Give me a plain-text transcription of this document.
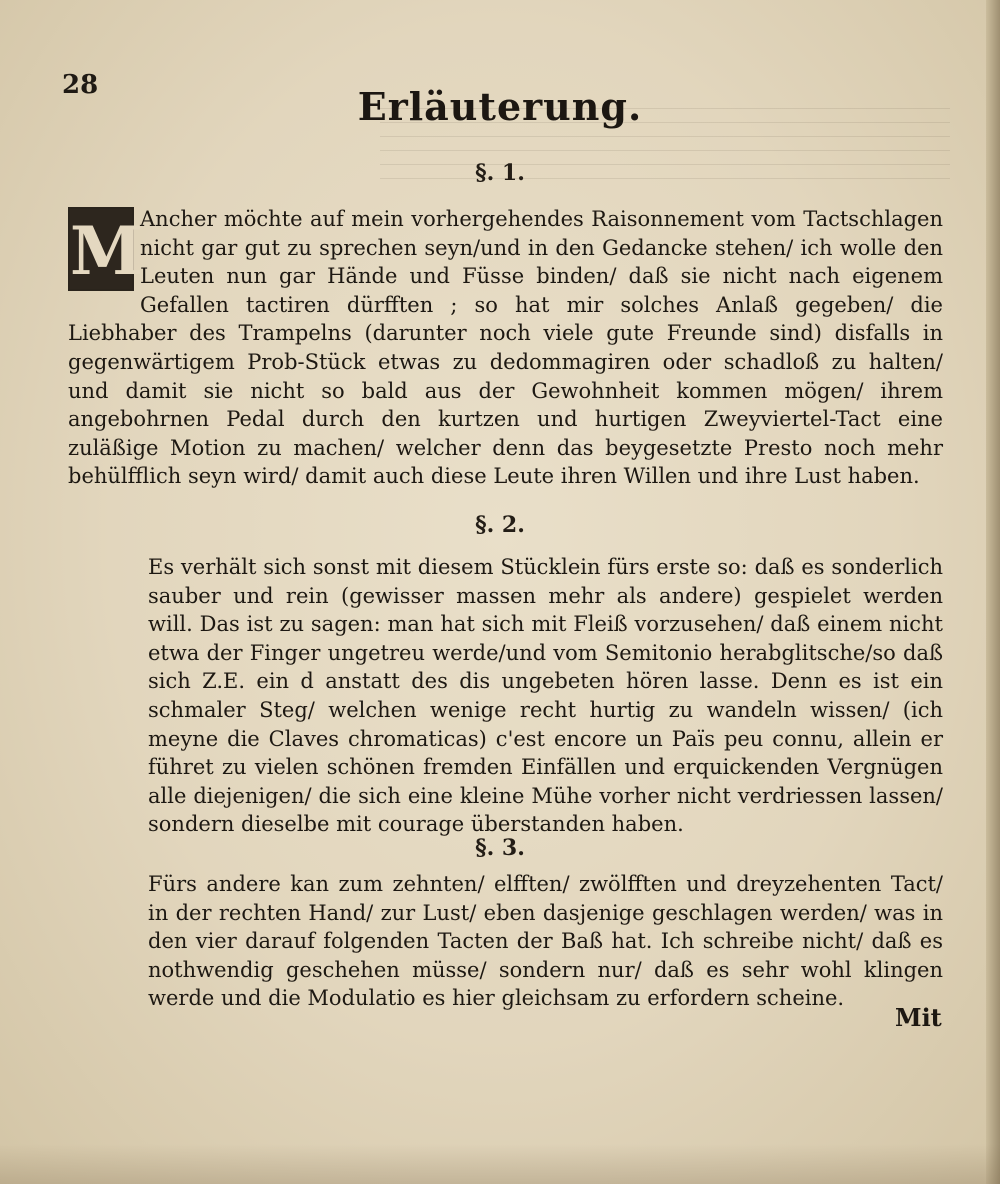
28	Erläuterung.
§. 1.
M

Ancher möchte auf mein vorhergehendes Raisonnement vom Tactschlagen nicht gar gut zu sprechen seyn/und in den Gedancke stehen/ ich wolle den Leuten nun gar Hände und Füsse binden/ daß sie nicht nach eigenem Gefallen tactiren dürfften ; so hat mir solches Anlaß gegeben/ die Liebhaber des Trampelns (darunter noch viele gute Freunde sind) disfalls in gegenwärtigem Prob-Stück etwas zu dedommagiren oder schadloß zu halten/ und damit sie nicht so bald aus der Gewohnheit kommen mögen/ ihrem angebohrnen Pedal durch den kurtzen und hurtigen Zweyviertel-Tact eine zuläßige Motion zu machen/ welcher denn das beygesetzte Presto noch mehr behülfflich seyn wird/ damit auch diese Leute ihren Willen und ihre Lust haben.

§. 2.

Es verhält sich sonst mit diesem Stücklein fürs erste so: daß es sonderlich sauber und rein (gewisser massen mehr als andere) gespielet werden will. Das ist zu sagen: man hat sich mit Fleiß vorzusehen/ daß einem nicht etwa der Finger ungetreu werde/und vom Semitonio herabglitsche/so daß sich Z.E. ein d anstatt des dis ungebeten hören lasse. Denn es ist ein schmaler Steg/ welchen wenige recht hurtig zu wandeln wissen/ (ich meyne die Claves chromaticas) c'est encore un Païs peu connu, allein er führet zu vielen schönen fremden Einfällen und erquickenden Vergnügen alle diejenigen/ die sich eine kleine Mühe vorher nicht verdriessen lassen/ sondern dieselbe mit courage überstanden haben.

§. 3.

Fürs andere kan zum zehnten/ elfften/ zwölfften und dreyzehenten Tact/ in der rechten Hand/ zur Lust/ eben dasjenige geschlagen werden/ was in den vier darauf folgenden Tacten der Baß hat. Ich schreibe nicht/ daß es nothwendig geschehen müsse/ sondern nur/ daß es sehr wohl klingen werde und die Modulatio es hier gleichsam zu erfordern scheine.

Mit
